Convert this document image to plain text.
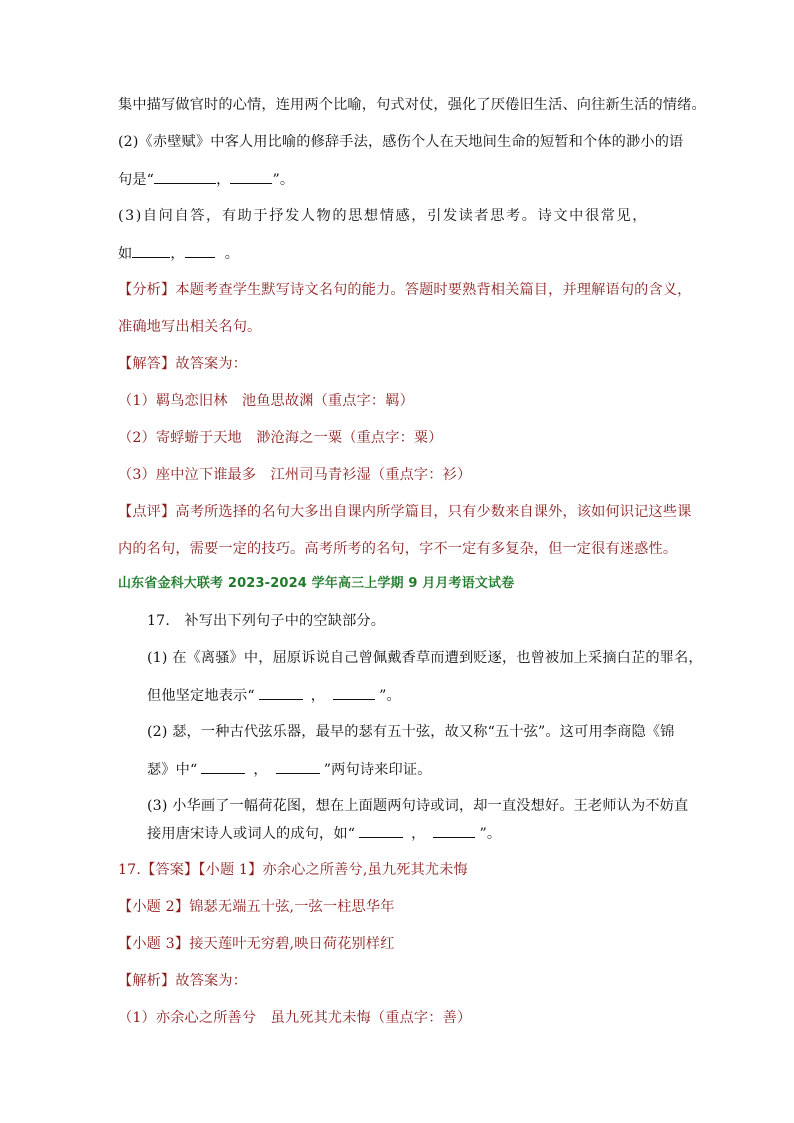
集中描写做官时的心情，连用两个比喻，句式对仗，强化了厌倦旧生活、向往新生活的情绪。
(2)《赤壁赋》中客人用比喻的修辞手法，感伤个人在天地间生命的短暂和个体的渺小的语
句是“	，	”。
(3)自问自答，有助于抒发人物的思想情感，引发读者思考。诗文中很常见，
如	，	。
【分析】本题考查学生默写诗文名句的能力。答题时要熟背相关篇目，并理解语句的含义，
准确地写出相关名句。
【解答】故答案为：
（1）羁鸟恋旧林　池鱼思故渊（重点字：羁）
（2）寄蜉蝣于天地　渺沧海之一粟（重点字：粟）
（3）座中泣下谁最多　江州司马青衫湿（重点字：衫）
【点评】高考所选择的名句大多出自课内所学篇目，只有少数来自课外，该如何识记这些课
内的名句，需要一定的技巧。高考所考的名句，字不一定有多复杂，但一定很有迷惑性。
山东省金科大联考 2023-2024 学年高三上学期 9 月月考语文试卷
17.　补写出下列句子中的空缺部分。
(1) 在《离骚》中，屈原诉说自己曾佩戴香草而遭到贬逐，也曾被加上采摘白芷的罪名，
但他坚定地表示“	，	”。
(2) 瑟，一种古代弦乐器，最早的瑟有五十弦，故又称“五十弦”。这可用李商隐《锦
瑟》中“	，	”两句诗来印证。
(3) 小华画了一幅荷花图，想在上面题两句诗或词，却一直没想好。王老师认为不妨直
接用唐宋诗人或词人的成句，如“	，	”。
17.【答案】【小题 1】亦余心之所善兮,虽九死其尤未悔
【小题 2】锦瑟无端五十弦,一弦一柱思华年
【小题 3】接天莲叶无穷碧,映日荷花别样红
【解析】故答案为：
（1）亦余心之所善兮　虽九死其尤未悔（重点字：善）
